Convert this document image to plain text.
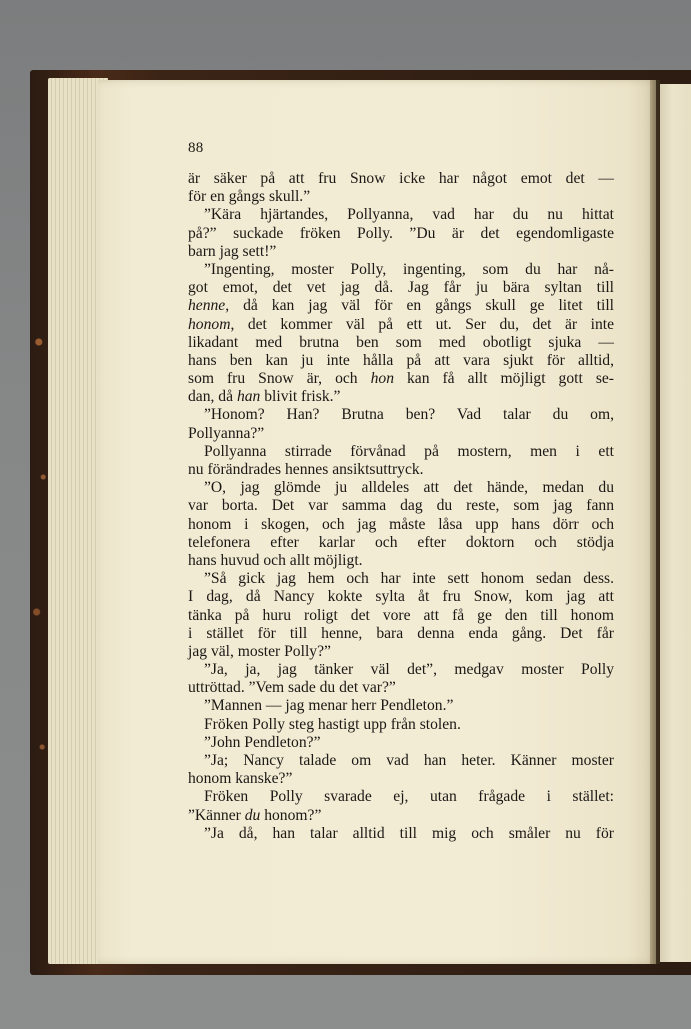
88
är säker på att fru Snow icke har något emot det —
för en gångs skull.”
”Kära hjärtandes, Pollyanna, vad har du nu hittat
på?” suckade fröken Polly. ”Du är det egendomligaste
barn jag sett!”
”Ingenting, moster Polly, ingenting, som du har nå-
got emot, det vet jag då. Jag får ju bära syltan till
henne, då kan jag väl för en gångs skull ge litet till
honom, det kommer väl på ett ut. Ser du, det är inte
likadant med brutna ben som med obotligt sjuka —
hans ben kan ju inte hålla på att vara sjukt för alltid,
som fru Snow är, och hon kan få allt möjligt gott se-
dan, då han blivit frisk.”
”Honom? Han? Brutna ben? Vad talar du om,
Pollyanna?”
Pollyanna stirrade förvånad på mostern, men i ett
nu förändrades hennes ansiktsuttryck.
”O, jag glömde ju alldeles att det hände, medan du
var borta. Det var samma dag du reste, som jag fann
honom i skogen, och jag måste låsa upp hans dörr och
telefonera efter karlar och efter doktorn och stödja
hans huvud och allt möjligt.
”Så gick jag hem och har inte sett honom sedan dess.
I dag, då Nancy kokte sylta åt fru Snow, kom jag att
tänka på huru roligt det vore att få ge den till honom
i stället för till henne, bara denna enda gång. Det får
jag väl, moster Polly?”
”Ja, ja, jag tänker väl det”, medgav moster Polly
uttröttad. ”Vem sade du det var?”
”Mannen — jag menar herr Pendleton.”
Fröken Polly steg hastigt upp från stolen.
”John Pendleton?”
”Ja; Nancy talade om vad han heter. Känner moster
honom kanske?”
Fröken Polly svarade ej, utan frågade i stället:
”Känner du honom?”
”Ja då, han talar alltid till mig och småler nu för
